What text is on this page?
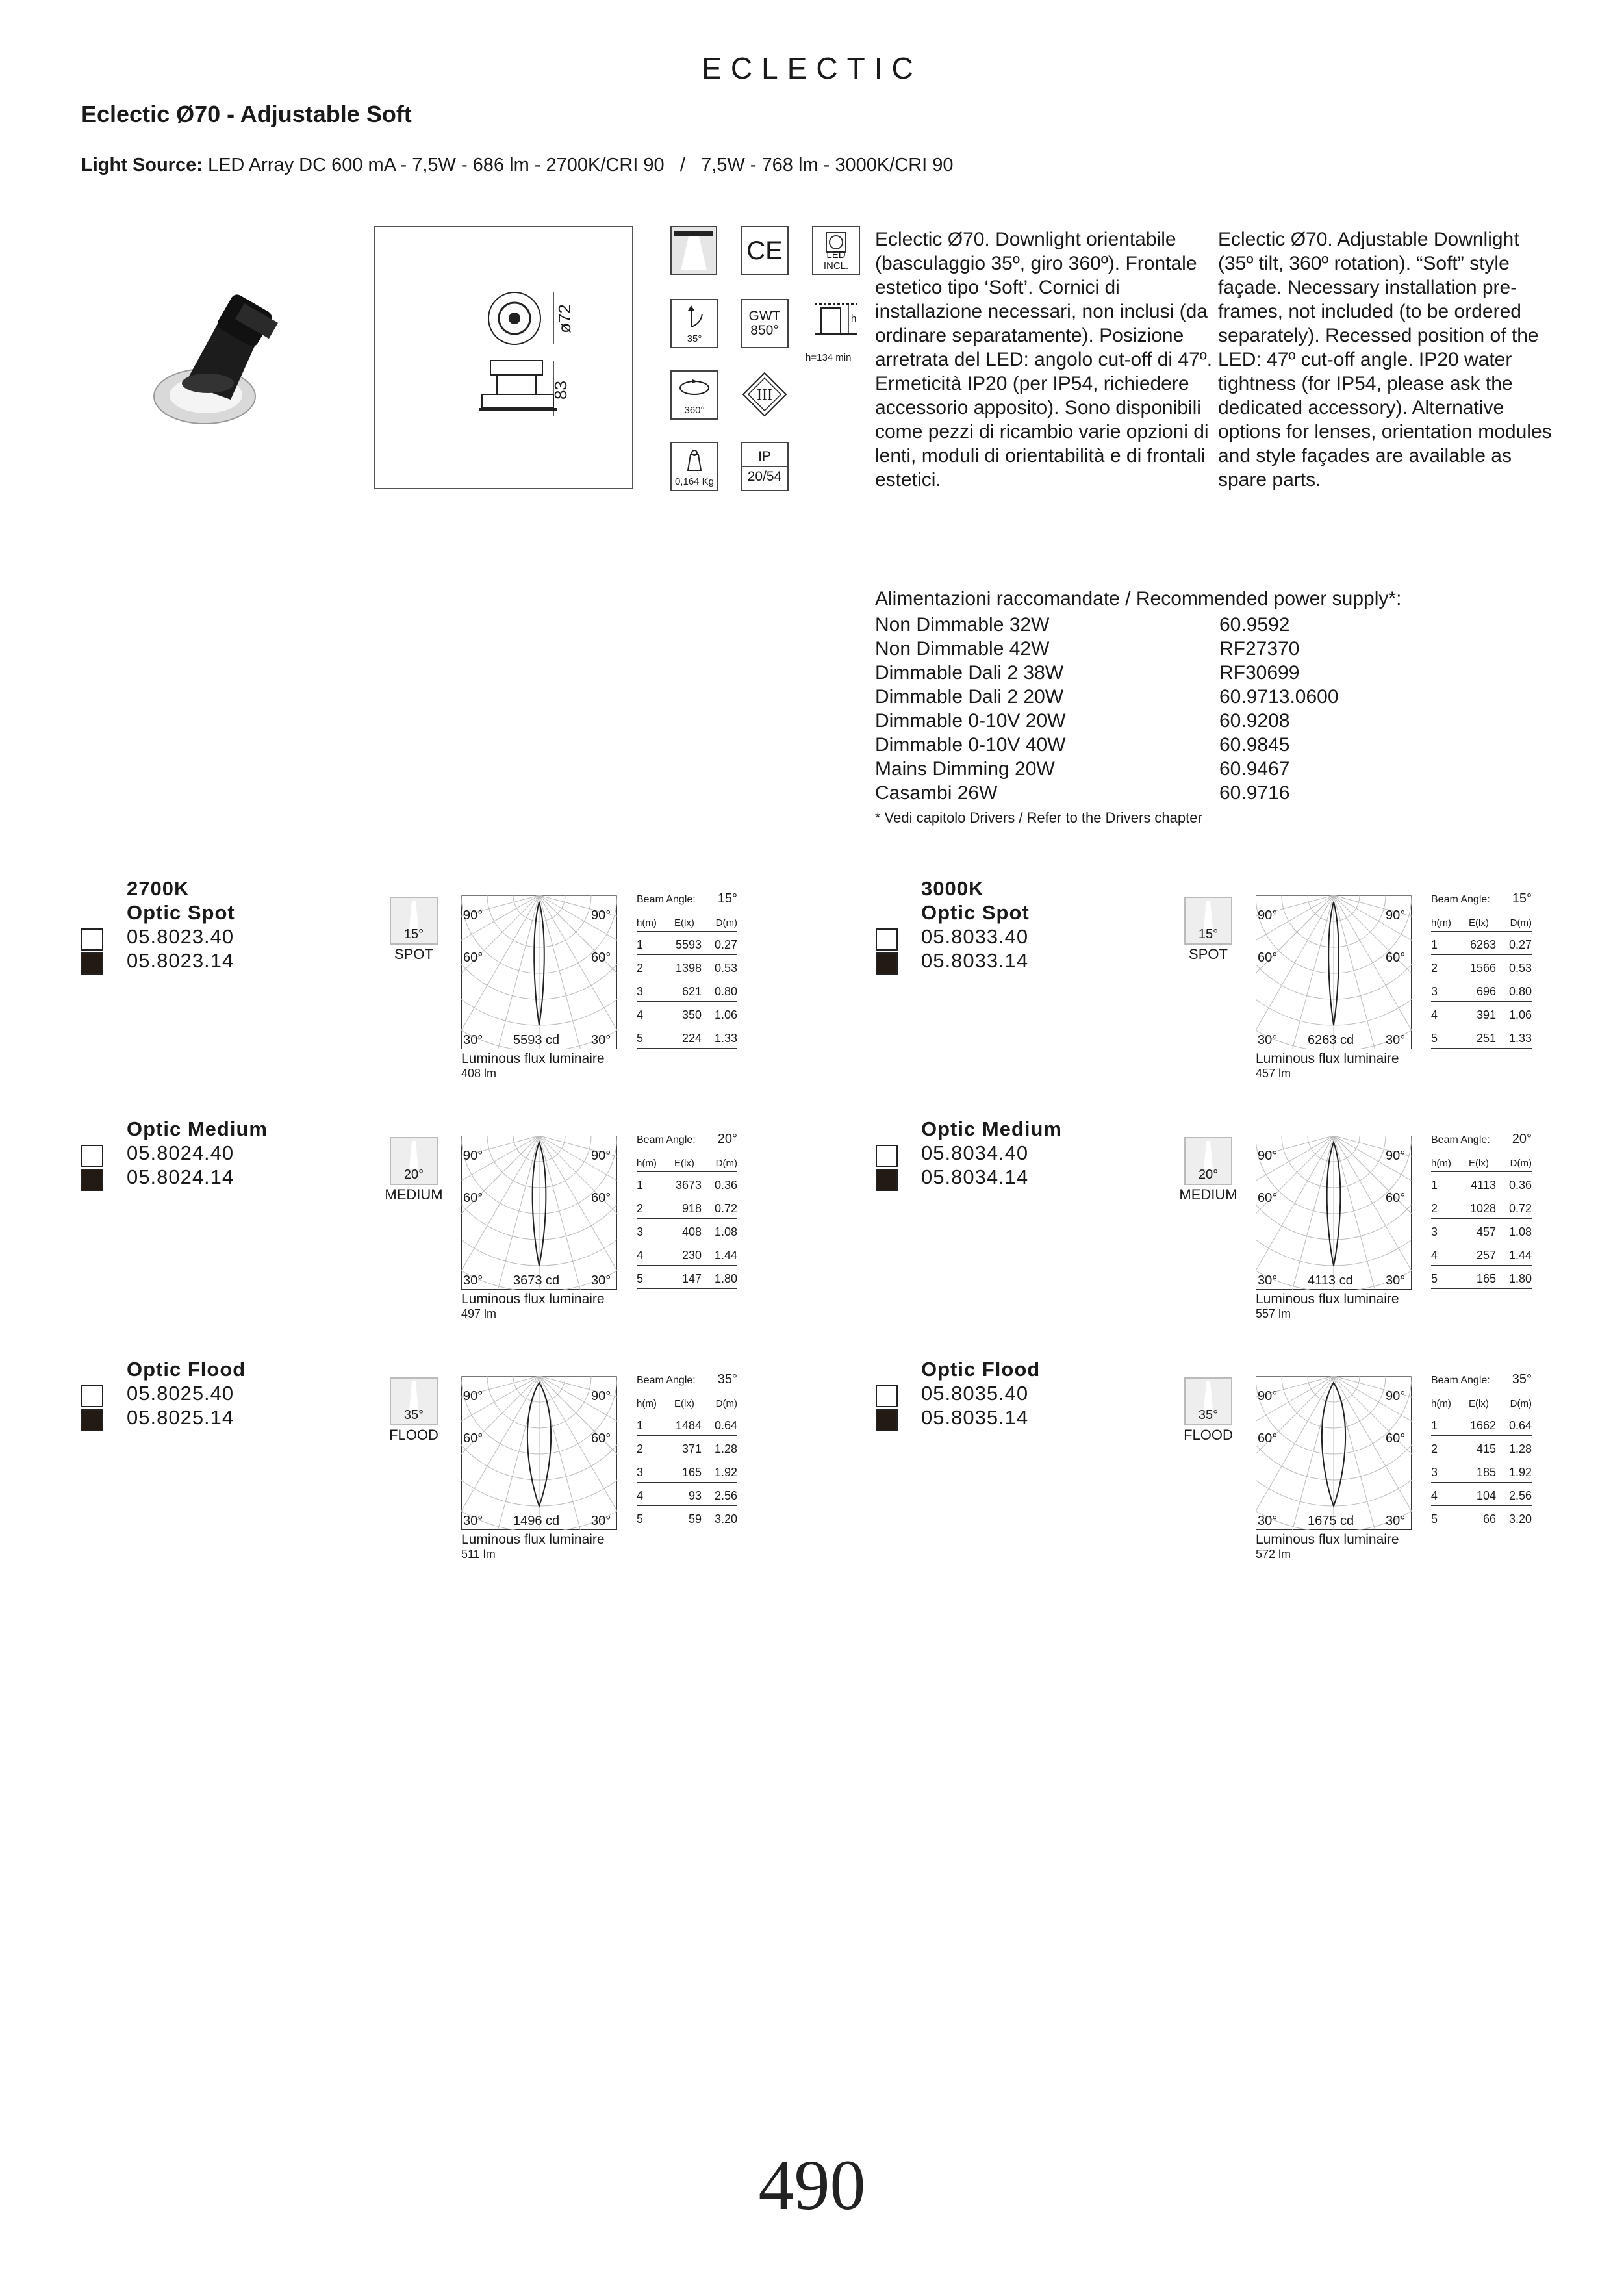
ECLECTIC
Eclectic Ø70 - Adjustable Soft
Light Source: LED Array DC 600 mA - 7,5W - 686 lm - 2700K/CRI 90   /   7,5W - 768 lm - 3000K/CRI 90
ø72
83
CE	LED INCL.
35°
GWT
850°
h
h=134 min
360°
III
0,164 Kg
IP
20/54
Eclectic Ø70. Downlight orientabile (basculaggio 35º, giro 360º). Frontale estetico tipo ‘Soft’. Cornici di installazione necessari, non inclusi (da ordinare separatamente). Posizione arretrata del LED: angolo cut-off di 47º. Ermeticità IP20 (per IP54, richiedere accessorio apposito). Sono disponibili come pezzi di ricambio varie opzioni di lenti, moduli di orientabilità e di frontali estetici.
Eclectic Ø70. Adjustable Downlight (35º tilt, 360º rotation). “Soft” style façade. Necessary installation pre-frames, not included (to be ordered separately). Recessed position of the LED: 47º cut-off angle. IP20 water tightness (for IP54, please ask the dedicated accessory). Alternative options for lenses, orientation modules and style façades are available as spare parts.
Alimentazioni raccomandate / Recommended power supply*:
Non Dimmable 32W	60.9592
Non Dimmable 42W	RF27370
Dimmable Dali 2 38W	RF30699
Dimmable Dali 2 20W	60.9713.0600
Dimmable 0-10V 20W	60.9208
Dimmable 0-10V 40W	60.9845
Mains Dimming 20W	60.9467
Casambi 26W	60.9716
* Vedi capitolo Drivers / Refer to the Drivers chapter
2700K
Optic Spot
05.8023.40
05.8023.14
15°
SPOT
90°	90°
60°	60°
30°	30°
5593 cd
Luminous flux luminaire
408 lm
Beam Angle: 15°
h(m) E(lx) D(m)
1	5593 0.27
2	1398 0.53
3	621 0.80
4	350 1.06
5	224 1.33
Optic Medium
05.8024.40
05.8024.14	20°
MEDIUM
90°	90°
60°	60°
30°	30°
3673 cd
Luminous flux luminaire
497 lm
Beam Angle: 20°
h(m) E(lx) D(m)
1	3673 0.36
2	918 0.72
3	408 1.08
4	230 1.44
5	147 1.80
Optic Flood
05.8025.40
05.8025.14	35°
FLOOD
90°	90°
60°	60°
30°	30°
1496 cd
Luminous flux luminaire
511 lm
Beam Angle: 35°
h(m) E(lx) D(m)
1	1484 0.64
2	371 1.28
3	165 1.92
4	93 2.56
5	59 3.20
3000K
Optic Spot
05.8033.40
05.8033.14
15°
SPOT
90°	90°
60°	60°
30°	30°
6263 cd
Luminous flux luminaire
457 lm
Beam Angle: 15°
h(m) E(lx) D(m)
1	6263 0.27
2	1566 0.53
3	696 0.80
4	391 1.06
5	251 1.33
Optic Medium
05.8034.40
05.8034.14	20°
MEDIUM
90°	90°
60°	60°
30°	30°
4113 cd
Luminous flux luminaire
557 lm
Beam Angle: 20°
h(m) E(lx) D(m)
1	4113 0.36
2	1028 0.72
3	457 1.08
4	257 1.44
5	165 1.80
Optic Flood
05.8035.40
05.8035.14	35°
FLOOD
90°	90°
60°	60°
30°	30°
1675 cd
Luminous flux luminaire
572 lm
Beam Angle: 35°
h(m) E(lx) D(m)
1	1662 0.64
2	415 1.28
3	185 1.92
4	104 2.56
5	66 3.20
490
